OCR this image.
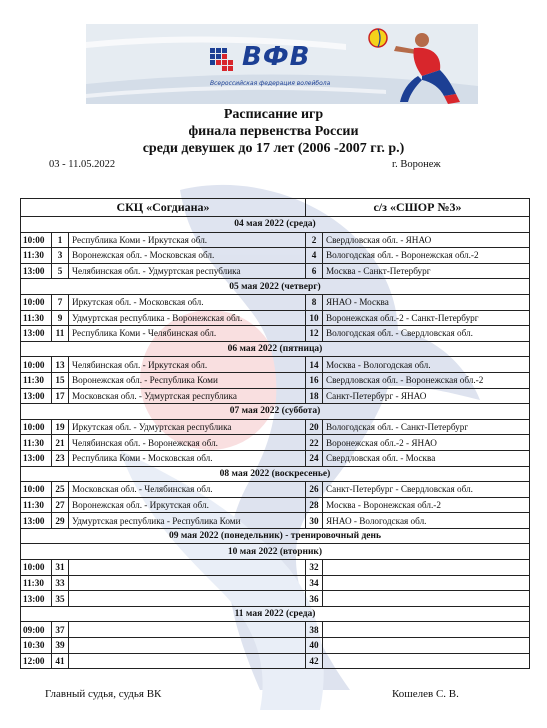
ВФВ
Всероссийская федерация волейбола
Расписание игр
финала первенства России
среди девушек до 17 лет (2006 -2007 гг. р.)
03 - 11.05.2022	г. Воронеж
СКЦ «Согдиана»			с/з «СШОР №3»	
04 мая 2022 (среда)				
10:00	1	Республика Коми - Иркутская обл.	2	Свердловская обл. - ЯНАО
11:30	3	Воронежская обл. - Московская обл.	4	Вологодская обл. - Воронежская обл.-2
13:00	5	Челябинская обл. - Удмуртская республика	6	Москва - Санкт-Петербург
05 мая 2022 (четверг)				
10:00	7	Иркутская обл. - Московская обл.	8	ЯНАО - Москва
11:30	9	Удмуртская республика - Воронежская обл.	10	Воронежская обл.-2 - Санкт-Петербург
13:00	11	Республика Коми - Челябинская обл.	12	Вологодская обл. - Свердловская обл.
06 мая 2022 (пятница)				
10:00	13	Челябинская обл. - Иркутская обл.	14	Москва - Вологодская обл.
11:30	15	Воронежская обл. - Республика Коми	16	Свердловская обл. - Воронежская обл.-2
13:00	17	Московская обл. - Удмуртская республика	18	Санкт-Петербург - ЯНАО
07 мая 2022 (суббота)				
10:00	19	Иркутская обл. - Удмуртская республика	20	Вологодская обл. - Санкт-Петербург
11:30	21	Челябинская обл. - Воронежская обл.	22	Воронежская обл.-2 - ЯНАО
13:00	23	Республика Коми - Московская обл.	24	Свердловская обл. - Москва
08 мая 2022 (воскресенье)				
10:00	25	Московская обл. - Челябинская обл.	26	Санкт-Петербург - Свердловская обл.
11:30	27	Воронежская обл. - Иркутская обл.	28	Москва - Воронежская обл.-2
13:00	29	Удмуртская республика - Республика Коми	30	ЯНАО - Вологодская обл.
09 мая 2022 (понедельник) - тренировочный день				
10 мая 2022 (вторник)				
10:00	31		32	
11:30	33		34	
13:00	35		36	
11 мая 2022 (среда)				
09:00	37		38	
10:30	39		40	
12:00	41		42	
Главный судья, судья ВК	Кошелев С. В.
